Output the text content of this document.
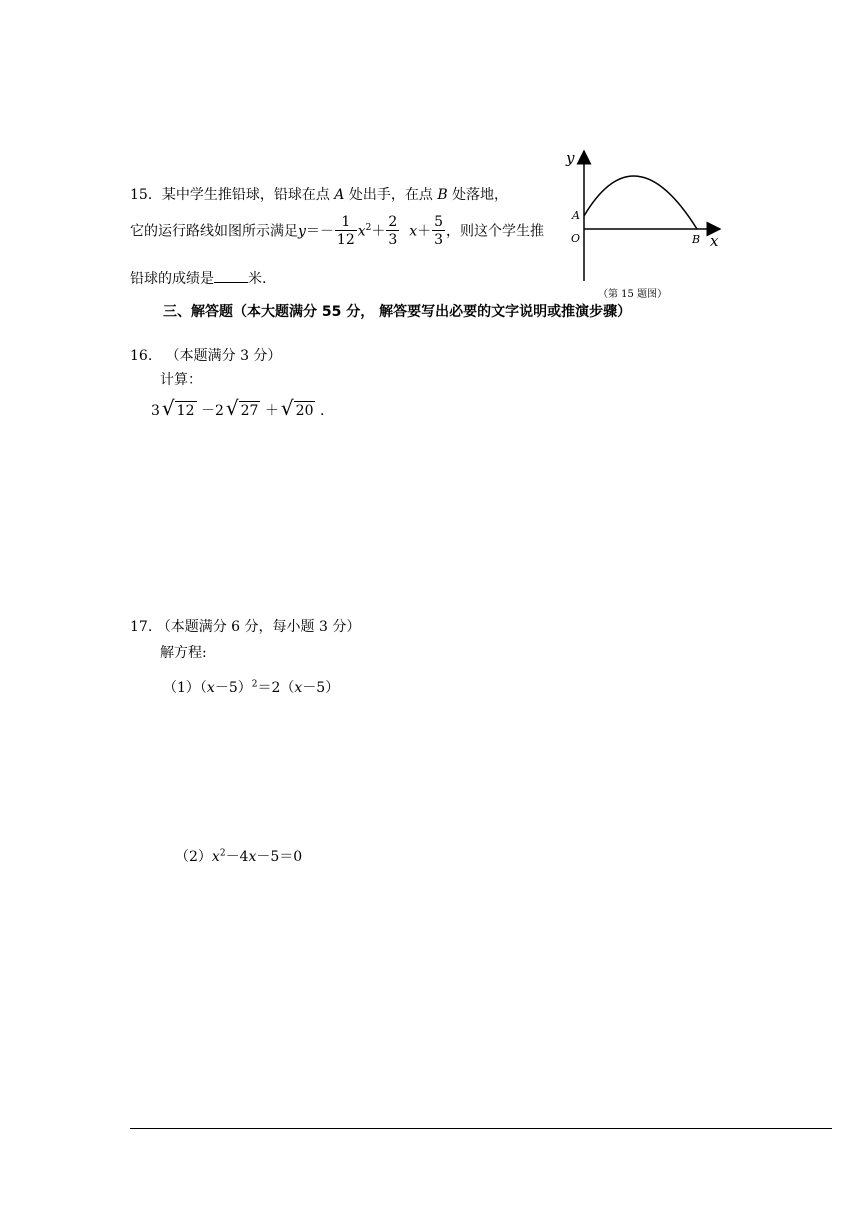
15．某中学生推铅球，铅球在点 A 处出手，在点 B 处落地，
它的运行路线如图所示满足$y=- \frac{1}{12} x^2+ \frac{2}{3} x+ \frac{5}{3}$ ，则这个学生推
铅球的成绩是 米.
y
x
A
O	B
（第 15 题图）
三、解答题（本大题满分 55 分， 解答要写出必要的文字说明或推演步骤）
16. （本题满分 3 分）
计算：
3 √ 12 －2 √ 27 ＋ √ 20 .
17. （本题满分 6 分，每小题 3 分）
解方程:
$(1)(x-5)^2=2(x-5)$
$(2)x^2-4x-5=0$
